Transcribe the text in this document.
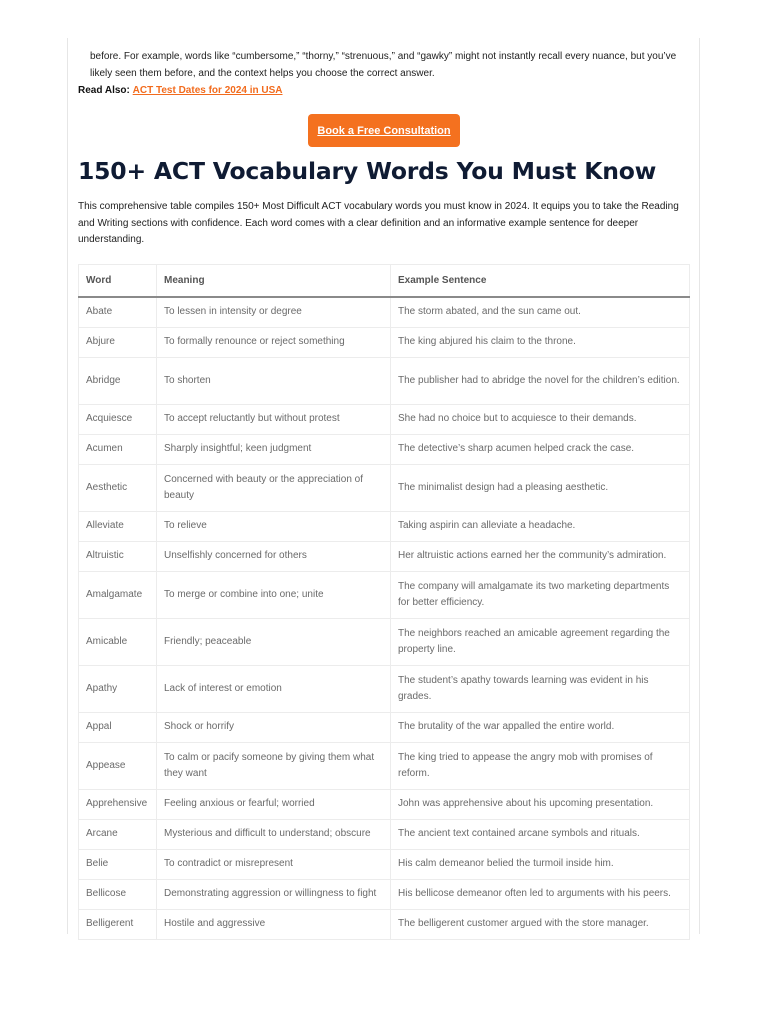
before. For example, words like “cumbersome,” “thorny,” “strenuous,” and “gawky” might not instantly recall every nuance, but you’ve likely seen them before, and the context helps you choose the correct answer.

Read Also: ACT Test Dates for 2024 in USA
Book a Free Consultation
150+ ACT Vocabulary Words You Must Know

This comprehensive table compiles 150+ Most Difficult ACT vocabulary words you must know in 2024. It equips you to take the Reading and Writing sections with confidence. Each word comes with a clear definition and an informative example sentence for deeper understanding.

Word	Meaning	Example Sentence
Abate	To lessen in intensity or degree	The storm abated, and the sun came out.
Abjure	To formally renounce or reject something	The king abjured his claim to the throne.
Abridge	To shorten	The publisher had to abridge the novel for the children’s edition.
Acquiesce	To accept reluctantly but without protest	She had no choice but to acquiesce to their demands.
Acumen	Sharply insightful; keen judgment	The detective’s sharp acumen helped crack the case.
Aesthetic	Concerned with beauty or the appreciation of beauty	The minimalist design had a pleasing aesthetic.
Alleviate	To relieve	Taking aspirin can alleviate a headache.
Altruistic	Unselfishly concerned for others	Her altruistic actions earned her the community’s admiration.
Amalgamate	To merge or combine into one; unite	The company will amalgamate its two marketing departments for better efficiency.
Amicable	Friendly; peaceable	The neighbors reached an amicable agreement regarding the property line.
Apathy	Lack of interest or emotion	The student’s apathy towards learning was evident in his grades.
Appal	Shock or horrify	The brutality of the war appalled the entire world.
Appease	To calm or pacify someone by giving them what they want	The king tried to appease the angry mob with promises of reform.
Apprehensive	Feeling anxious or fearful; worried	John was apprehensive about his upcoming presentation.
Arcane	Mysterious and difficult to understand; obscure	The ancient text contained arcane symbols and rituals.
Belie	To contradict or misrepresent	His calm demeanor belied the turmoil inside him.
Bellicose	Demonstrating aggression or willingness to fight	His bellicose demeanor often led to arguments with his peers.
Belligerent	Hostile and aggressive	The belligerent customer argued with the store manager.
